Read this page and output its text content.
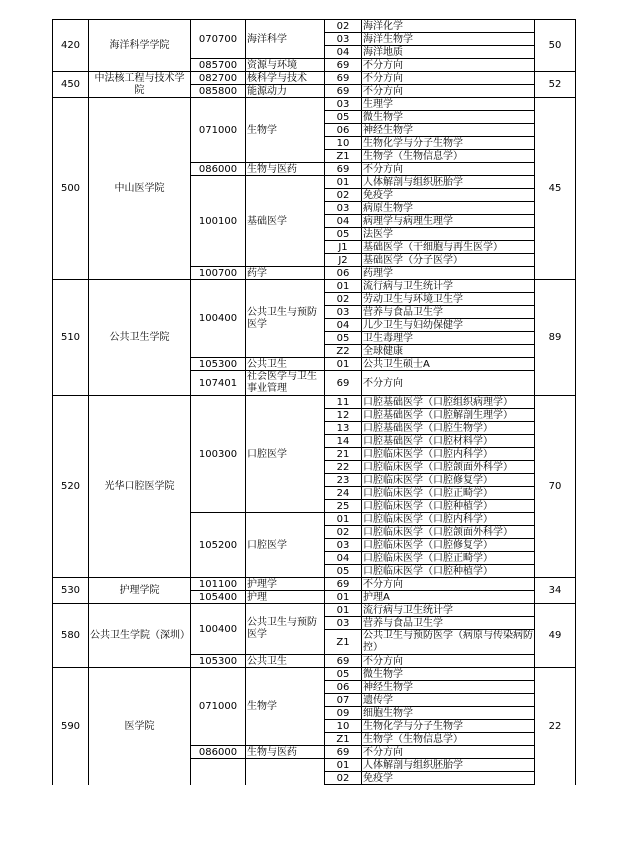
420	海洋科学学院	070700	海洋科学	02	海洋化学	50
				03	海洋生物学	
				04	海洋地质	
		085700	资源与环境	69	不分方向	
450	中法核工程与技术学院	082700	核科学与技术	69	不分方向	52
		085800	能源动力	69	不分方向	
500	中山医学院	071000	生物学	03	生理学	45
				05	微生物学	
				06	神经生物学	
				10	生物化学与分子生物学	
				Z1	生物学（生物信息学）	
		086000	生物与医药	69	不分方向	
		100100	基础医学	01	人体解剖与组织胚胎学	
				02	免疫学	
				03	病原生物学	
				04	病理学与病理生理学	
				05	法医学	
				J1	基础医学（干细胞与再生医学）	
				J2	基础医学（分子医学）	
		100700	药学	06	药理学	
510	公共卫生学院	100400	公共卫生与预防医学	01	流行病与卫生统计学	89
				02	劳动卫生与环境卫生学	
				03	营养与食品卫生学	
				04	儿少卫生与妇幼保健学	
				05	卫生毒理学	
				Z2	全球健康	
		105300	公共卫生	01	公共卫生硕士A	
		107401	社会医学与卫生事业管理	69	不分方向	
520	光华口腔医学院	100300	口腔医学	11	口腔基础医学（口腔组织病理学）	70
				12	口腔基础医学（口腔解剖生理学）	
				13	口腔基础医学（口腔生物学）	
				14	口腔基础医学（口腔材料学）	
				21	口腔临床医学（口腔内科学）	
				22	口腔临床医学（口腔颌面外科学）	
				23	口腔临床医学（口腔修复学）	
				24	口腔临床医学（口腔正畸学）	
				25	口腔临床医学（口腔种植学）	
		105200	口腔医学	01	口腔临床医学（口腔内科学）	
				02	口腔临床医学（口腔颌面外科学）	
				03	口腔临床医学（口腔修复学）	
				04	口腔临床医学（口腔正畸学）	
				05	口腔临床医学（口腔种植学）	
530	护理学院	101100	护理学	69	不分方向	34
		105400	护理	01	护理A	
580	公共卫生学院（深圳）	100400	公共卫生与预防医学	01	流行病与卫生统计学	49
				03	营养与食品卫生学	
				Z1	公共卫生与预防医学（病原与传染病防控）	
		105300	公共卫生	69	不分方向	
590	医学院	071000	生物学	05	微生物学	22
				06	神经生物学	
				07	遗传学	
				09	细胞生物学	
				10	生物化学与分子生物学	
				Z1	生物学（生物信息学）	
		086000	生物与医药	69	不分方向	
				01	人体解剖与组织胚胎学	
				02	免疫学	
